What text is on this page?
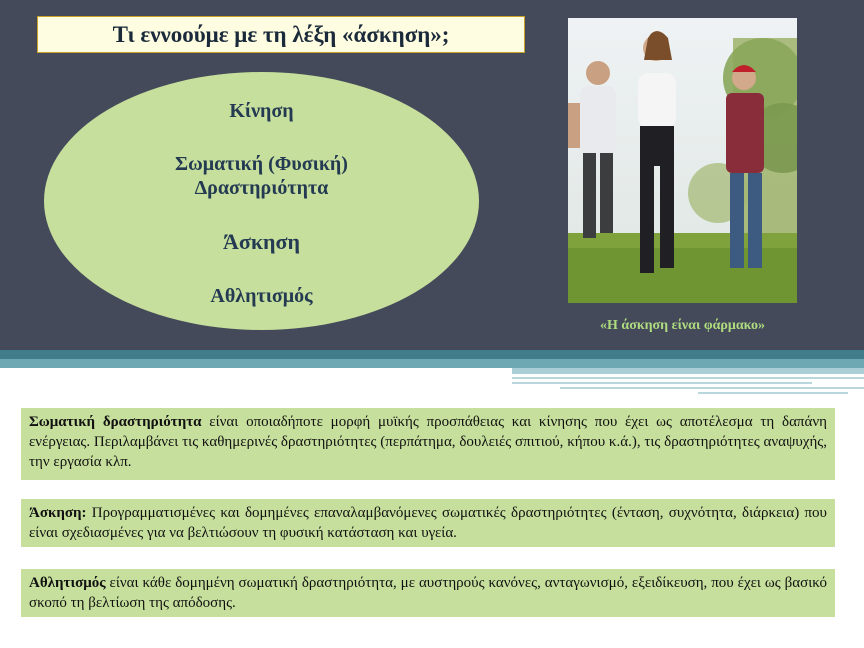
Τι εννοούμε με τη λέξη «άσκηση»;
Κίνηση
Σωματική (Φυσική)
Δραστηριότητα
Άσκηση
Αθλητισμός
«Η άσκηση είναι φάρμακο»
Σωματική δραστηριότητα είναι οποιαδήποτε μορφή μυϊκής προσπάθειας και κίνησης που έχει ως αποτέλεσμα τη δαπάνη ενέργειας. Περιλαμβάνει τις καθημερινές δραστηριότητες (περπάτημα, δουλειές σπιτιού, κήπου κ.ά.), τις δραστηριότητες αναψυχής, την εργασία κλπ.
Άσκηση: Προγραμματισμένες και δομημένες επαναλαμβανόμενες σωματικές δραστηριότητες (ένταση, συχνότητα, διάρκεια) που είναι σχεδιασμένες για να βελτιώσουν τη φυσική κατάσταση και υγεία.
Αθλητισμός είναι κάθε δομημένη σωματική δραστηριότητα, με αυστηρούς κανόνες, ανταγωνισμό, εξειδίκευση, που έχει ως βασικό σκοπό τη βελτίωση της απόδοσης.
